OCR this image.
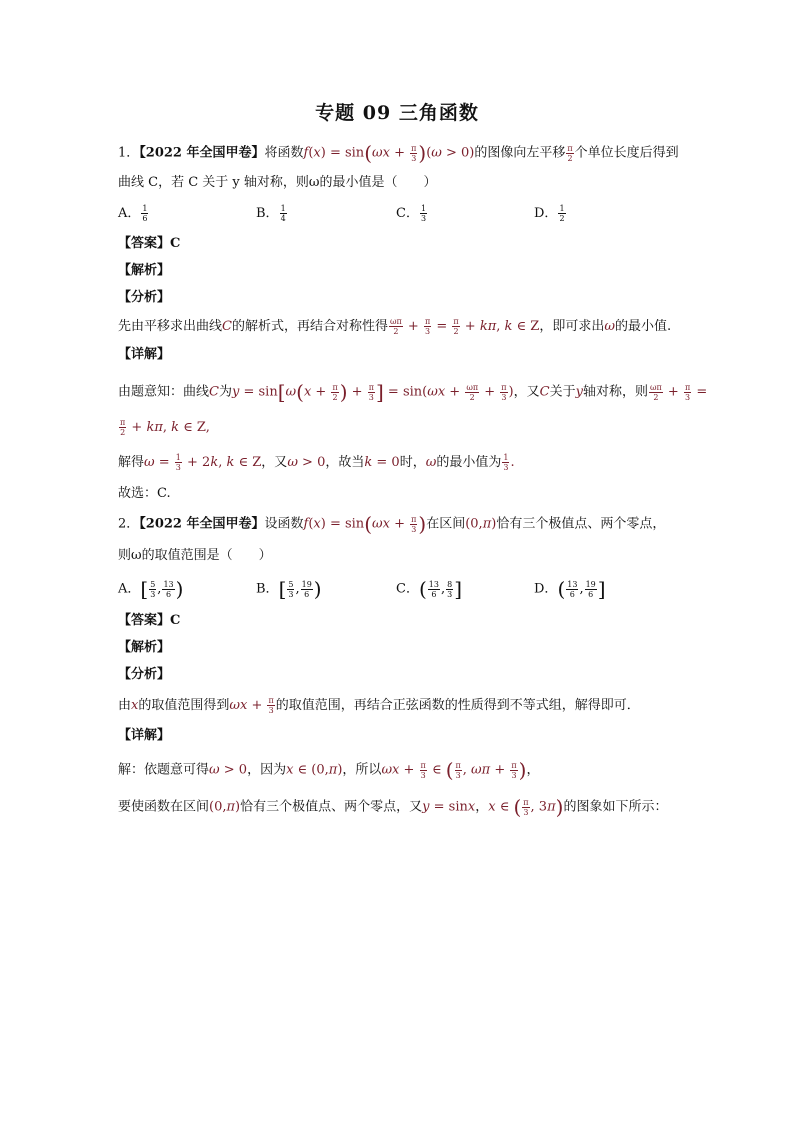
专题 09 三角函数
1．【2022 年全国甲卷】将函数$f(x) = \sin(\omega x + \frac{\pi}{3} )(\omega > 0)$的图像向左平移 $\frac{\pi}{2}$ 个单位长度后得到
曲线 C，若 C 关于 y 轴对称，则ω的最小值是（　　）
A． $\frac{1}{6}$	B． $\frac{1}{4}$	C． $\frac{1}{3}$	D． $\frac{1}{2}$
【答案】C
【解析】
【分析】
先由平移求出曲线C的解析式，再结合对称性得 $\frac{\omega\pi}{2} + \frac{\pi}{3} = \frac{\pi}{2} + k\pi$, k ∈ Z，即可求出ω的最小值.
【详解】
由题意知：曲线C为$y = \sin[\omega(x + \frac{\pi}{2}$ ) + $\frac{\pi}{3}$ ] = $\sin(\omega x + \frac{\omega\pi}{2} + \frac{\pi}{3}$ )，又C关于y轴对称，则 $\frac{\omega\pi}{2} + \frac{\pi}{3}$ =
$\frac{\pi}{2} + k\pi$, k ∈ Z,
解得$\omega = \frac{1}{3} + 2k$, k ∈ Z，又ω > 0，故当k = 0时，ω的最小值为 $\frac{1}{3}$ .
故选：C.
2．【2022 年全国甲卷】设函数$f(x) = \sin(\omega x + \frac{\pi}{3}$ )在区间(0,π)恰有三个极值点、两个零点，
则ω的取值范围是（　　）
A．[ $\frac{5}{3}$ , $\frac{13}{6}$ )	B．[ $\frac{5}{3}$ , $\frac{19}{6}$ )	C．( $\frac{13}{6}$ , $\frac{8}{3}$ ]	D．( $\frac{13}{6}$ , $\frac{19}{6}$ ]
【答案】C
【解析】
【分析】
由x的取值范围得到$\omega x + \frac{\pi}{3}$ 的取值范围，再结合正弦函数的性质得到不等式组，解得即可．
【详解】
解：依题意可得ω > 0，因为x ∈ (0,π)，所以$\omega x + \frac{\pi}{3}$ ∈ ( $\frac{\pi}{3}$ , $\omega\pi + \frac{\pi}{3}$ )，
要使函数在区间(0,π)恰有三个极值点、两个零点，又y = sinx，x ∈ ( $\frac{\pi}{3}$ , 3π)的图象如下所示：
